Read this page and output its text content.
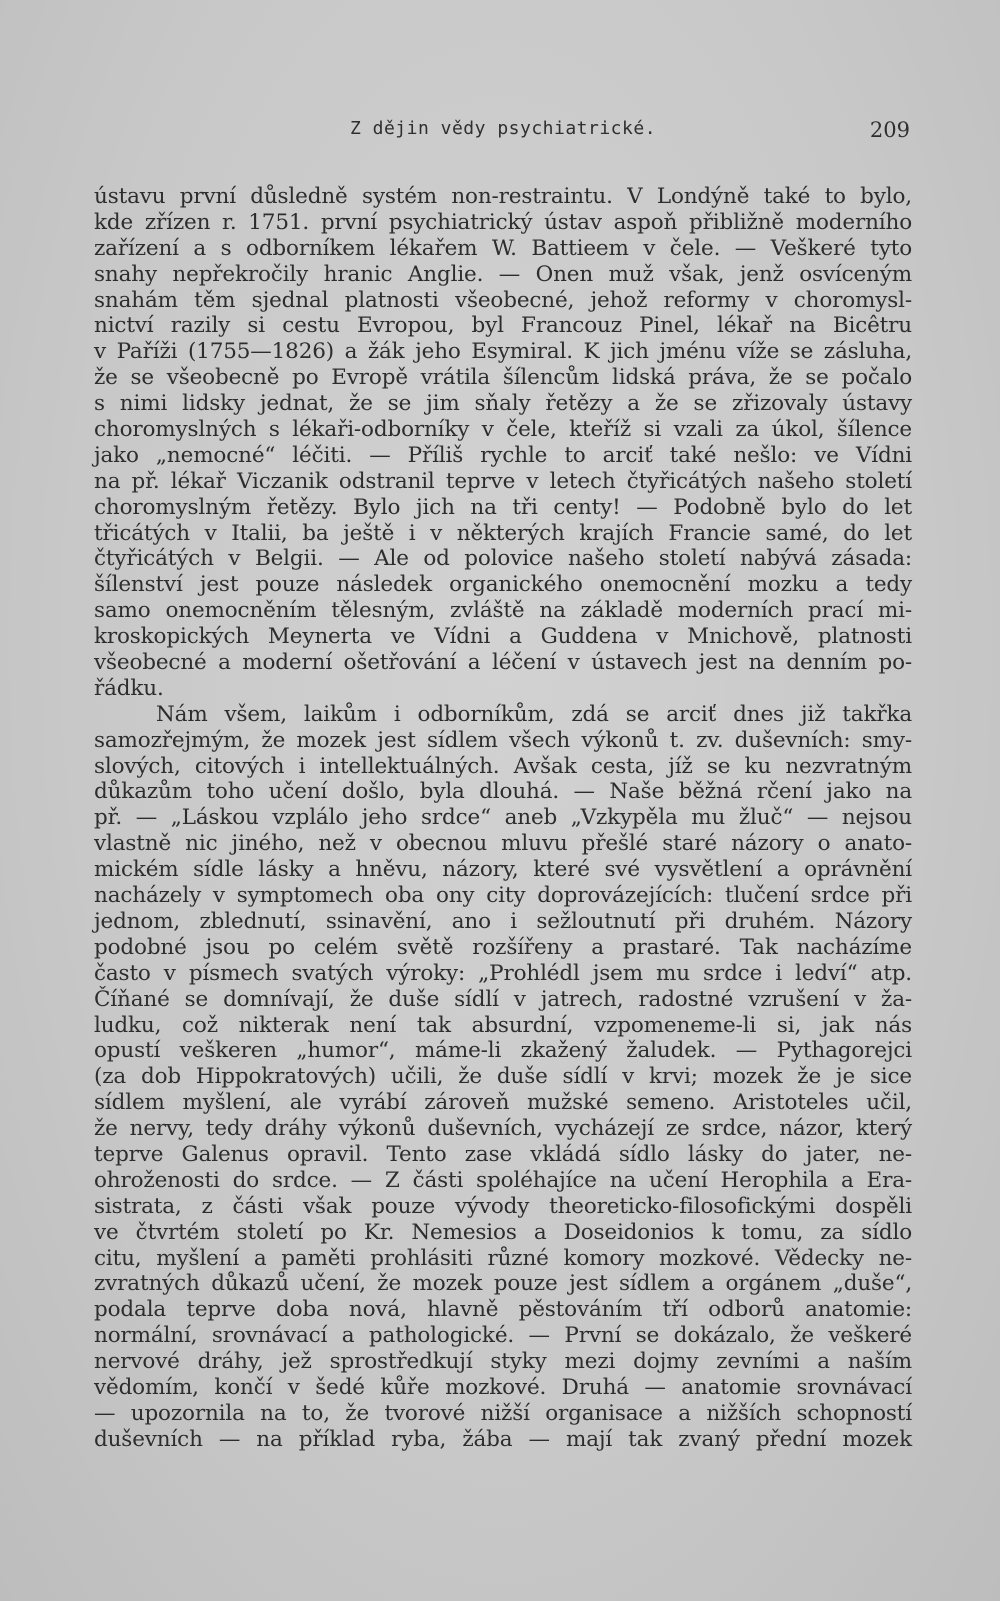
Z dějin vědy psychiatrické.	209
ústavu první důsledně systém non-restraintu. V Londýně také to bylo,
kde zřízen r. 1751. první psychiatrický ústav aspoň přibližně moderního
zařízení a s odborníkem lékařem W. Battieem v čele. — Veškeré tyto
snahy nepřekročily hranic Anglie. — Onen muž však, jenž osvíceným
snahám těm sjednal platnosti všeobecné, jehož reformy v choromysl-
nictví razily si cestu Evropou, byl Francouz Pinel, lékař na Bicêtru
v Paříži (1755—1826) a žák jeho Esymiral. K jich jménu víže se zásluha,
že se všeobecně po Evropě vrátila šílencům lidská práva, že se počalo
s nimi lidsky jednat, že se jim sňaly řetězy a že se zřizovaly ústavy
choromyslných s lékaři-odborníky v čele, kteříž si vzali za úkol, šílence
jako „nemocné“ léčiti. — Příliš rychle to arciť také nešlo: ve Vídni
na př. lékař Viczanik odstranil teprve v letech čtyřicátých našeho století
choromyslným řetězy. Bylo jich na tři centy! — Podobně bylo do let
třicátých v Italii, ba ještě i v některých krajích Francie samé, do let
čtyřicátých v Belgii. — Ale od polovice našeho století nabývá zásada:
šílenství jest pouze následek organického onemocnění mozku a tedy
samo onemocněním tělesným, zvláště na základě moderních prací mi-
kroskopických Meynerta ve Vídni a Guddena v Mnichově, platnosti
všeobecné a moderní ošetřování a léčení v ústavech jest na denním po-
řádku.
Nám všem, laikům i odborníkům, zdá se arciť dnes již takřka
samozřejmým, že mozek jest sídlem všech výkonů t. zv. duševních: smy-
slových, citových i intellektuálných. Avšak cesta, jíž se ku nezvratným
důkazům toho učení došlo, byla dlouhá. — Naše běžná rčení jako na
př. — „Láskou vzplálo jeho srdce“ aneb „Vzkypěla mu žluč“ — nejsou
vlastně nic jiného, než v obecnou mluvu přešlé staré názory o anato-
mickém sídle lásky a hněvu, názory, které své vysvětlení a oprávnění
nacházely v symptomech oba ony city doprovázejících: tlučení srdce při
jednom, zblednutí, ssinavění, ano i sežloutnutí při druhém. Názory
podobné jsou po celém světě rozšířeny a prastaré. Tak nacházíme
často v písmech svatých výroky: „Prohlédl jsem mu srdce i ledví“ atp.
Číňané se domnívají, že duše sídlí v jatrech, radostné vzrušení v ža-
ludku, což nikterak není tak absurdní, vzpomeneme-li si, jak nás
opustí veškeren „humor“, máme-li zkažený žaludek. — Pythagorejci
(za dob Hippokratových) učili, že duše sídlí v krvi; mozek že je sice
sídlem myšlení, ale vyrábí zároveň mužské semeno. Aristoteles učil,
že nervy, tedy dráhy výkonů duševních, vycházejí ze srdce, názor, který
teprve Galenus opravil. Tento zase vkládá sídlo lásky do jater, ne-
ohroženosti do srdce. — Z části spoléhajíce na učení Herophila a Era-
sistrata, z části však pouze vývody theoreticko-filosofickými dospěli
ve čtvrtém století po Kr. Nemesios a Doseidonios k tomu, za sídlo
citu, myšlení a paměti prohlásiti různé komory mozkové. Vědecky ne-
zvratných důkazů učení, že mozek pouze jest sídlem a orgánem „duše“,
podala teprve doba nová, hlavně pěstováním tří odborů anatomie:
normální, srovnávací a pathologické. — První se dokázalo, že veškeré
nervové dráhy, jež sprostředkují styky mezi dojmy zevními a naším
vědomím, končí v šedé kůře mozkové. Druhá — anatomie srovnávací
— upozornila na to, že tvorové nižší organisace a nižších schopností
duševních — na příklad ryba, žába — mají tak zvaný přední mozek
